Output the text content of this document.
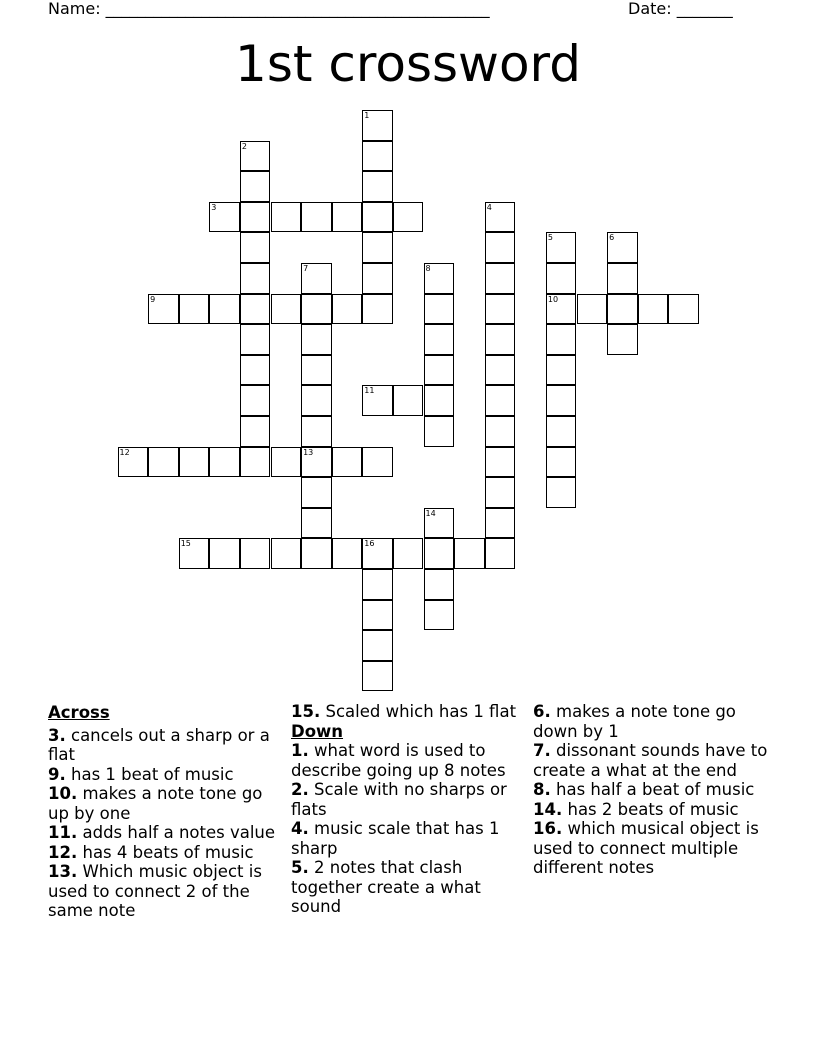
Name: ________________________________________________	Date: _______
1st crossword
1
2
3	4
5
10
6
7
13
8
9
11
12
14
15	16
Across
3. cancels out a sharp or a flat
9. has 1 beat of music
10. makes a note tone go up by one
11. adds half a notes value
12. has 4 beats of music
13. Which music object is used to connect 2 of the same note
15. Scaled which has 1 flat
Down
1. what word is used to describe going up 8 notes
2. Scale with no sharps or flats
4. music scale that has 1 sharp
5. 2 notes that clash together create a what sound
6. makes a note tone go down by 1
7. dissonant sounds have to create a what at the end
8. has half a beat of music
14. has 2 beats of music
16. which musical object is used to connect multiple different notes
